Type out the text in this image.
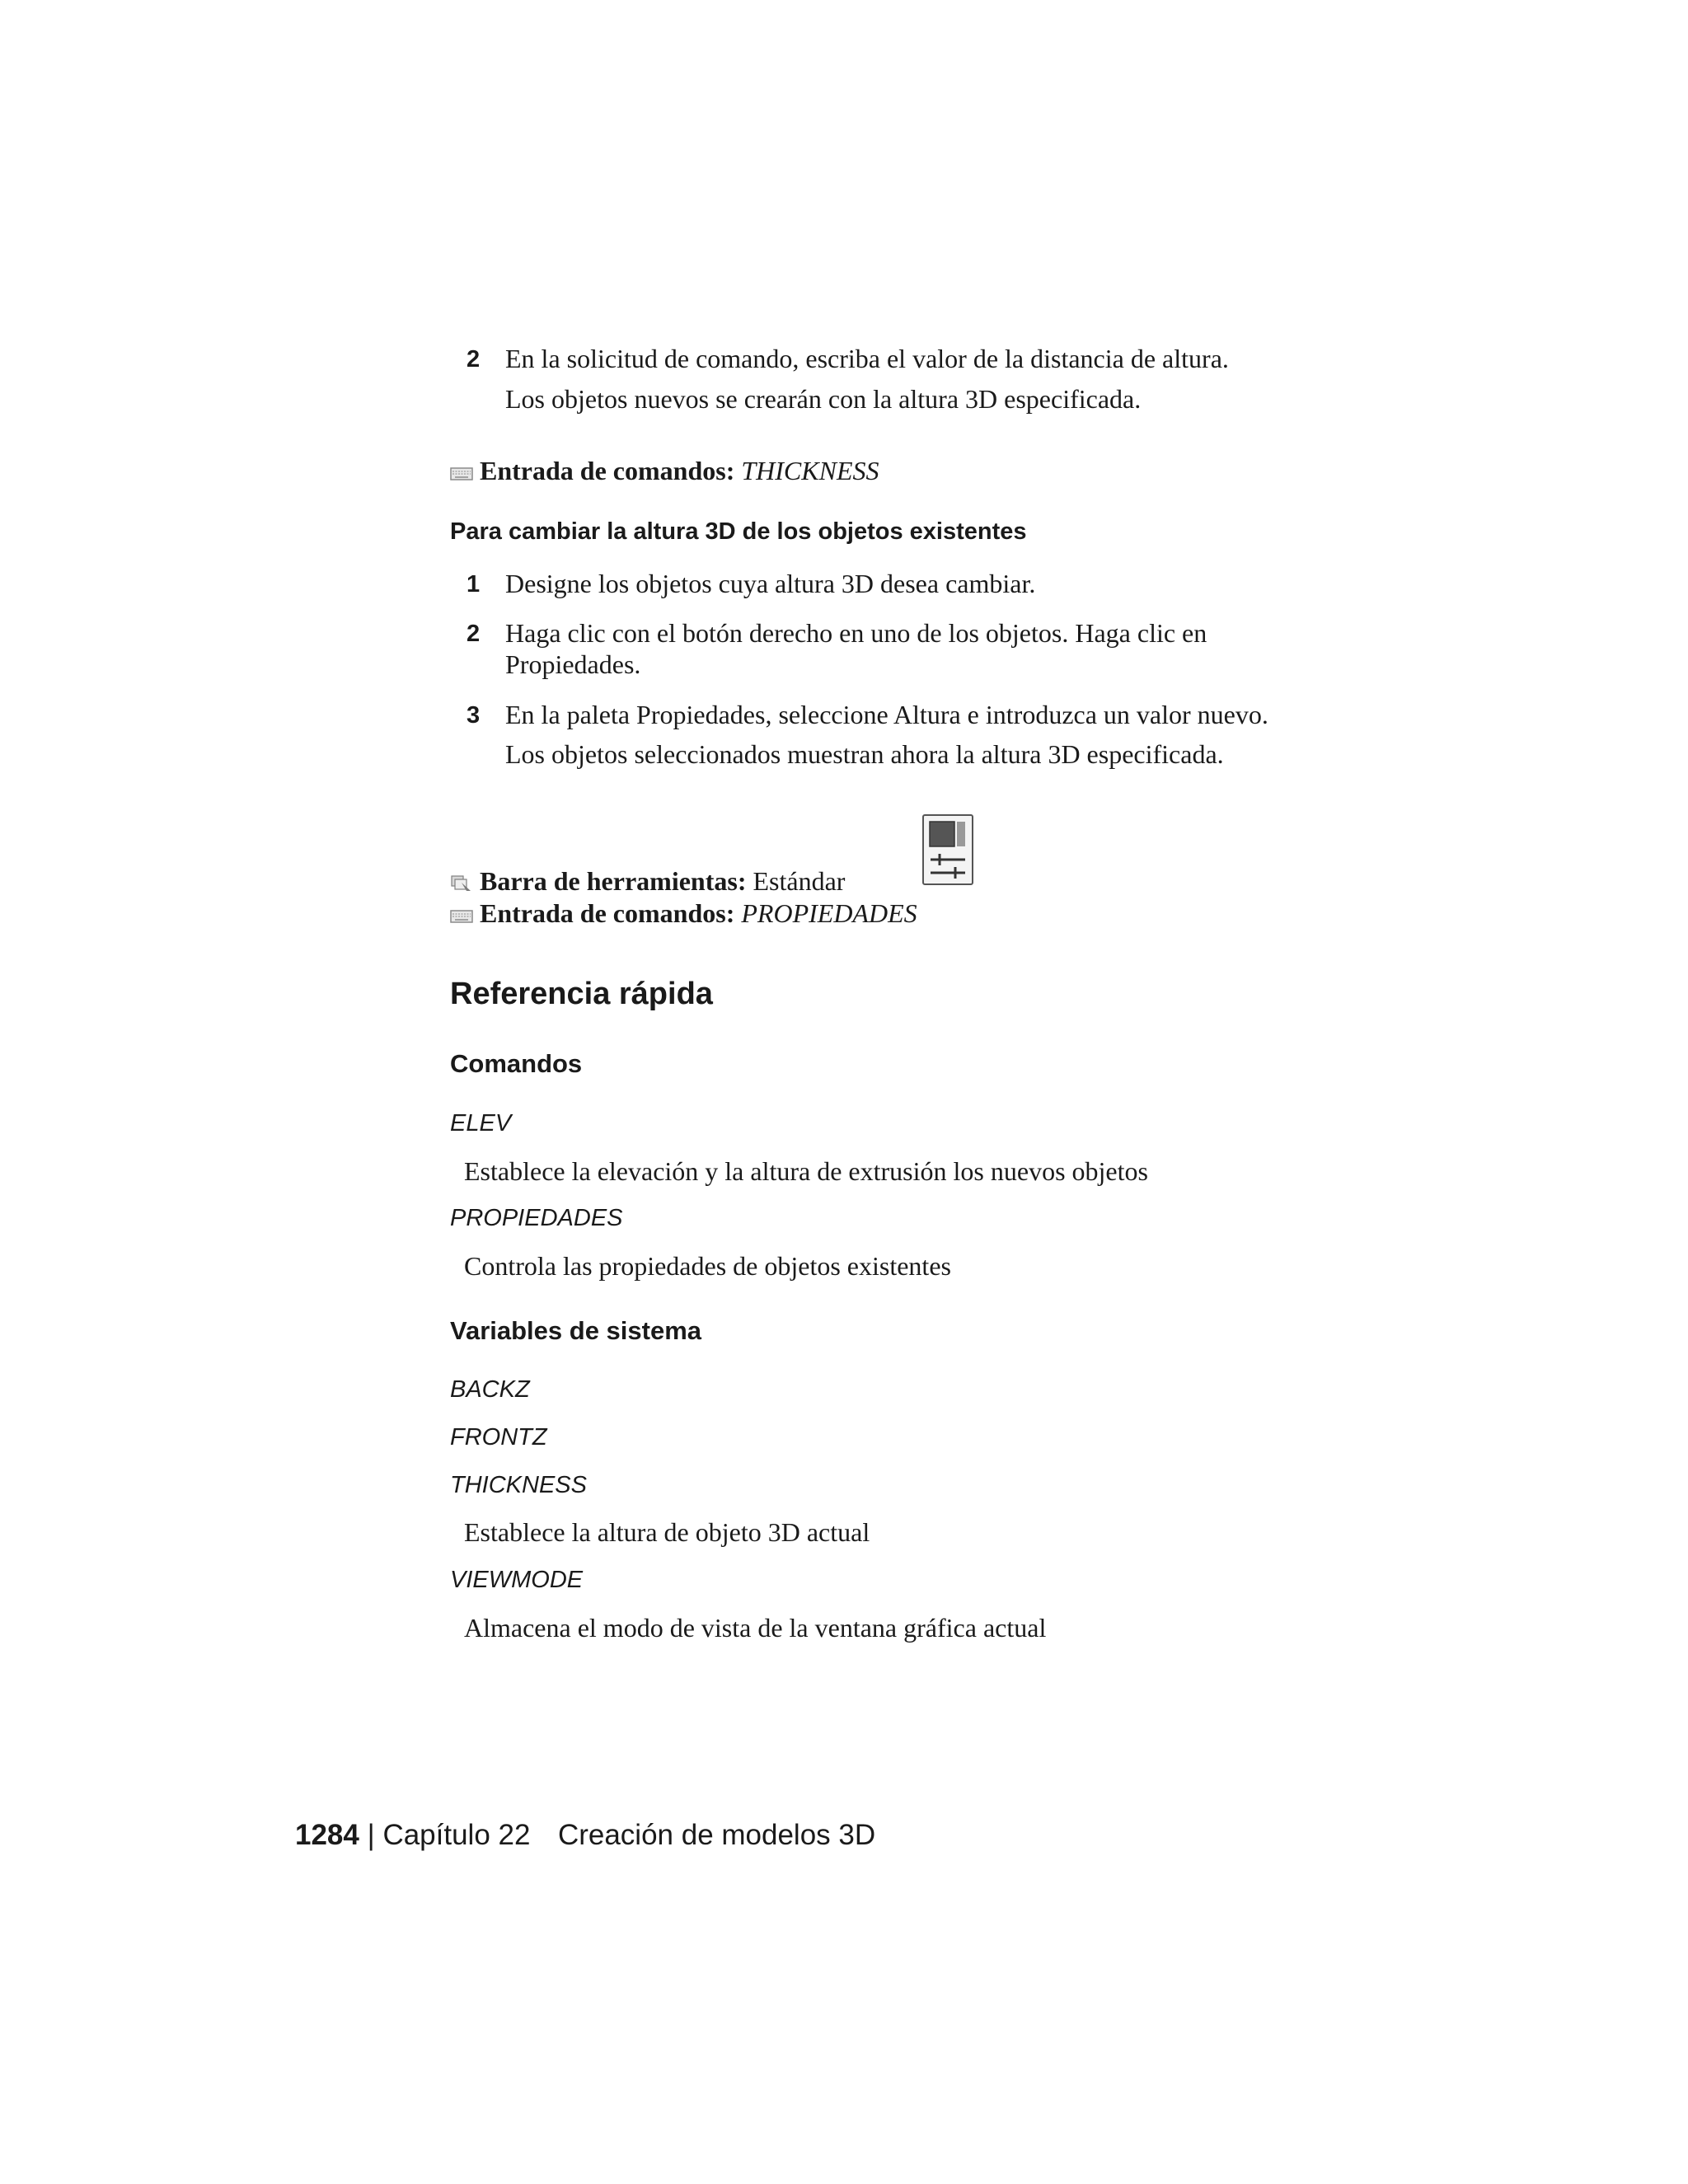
2 En la solicitud de comando, escriba el valor de la distancia de altura.
Los objetos nuevos se crearán con la altura 3D especificada.
Entrada de comandos: THICKNESS
Para cambiar la altura 3D de los objetos existentes
1 Designe los objetos cuya altura 3D desea cambiar.
2 Haga clic con el botón derecho en uno de los objetos. Haga clic en
Propiedades.
3 En la paleta Propiedades, seleccione Altura e introduzca un valor nuevo.
Los objetos seleccionados muestran ahora la altura 3D especificada.
Barra de herramientas: Estándar
Entrada de comandos: PROPIEDADES
Referencia rápida
Comandos
ELEV
Establece la elevación y la altura de extrusión los nuevos objetos
PROPIEDADES
Controla las propiedades de objetos existentes
Variables de sistema
BACKZ
FRONTZ
THICKNESS
Establece la altura de objeto 3D actual
VIEWMODE
Almacena el modo de vista de la ventana gráfica actual
1284 | Capítulo 22 Creación de modelos 3D
